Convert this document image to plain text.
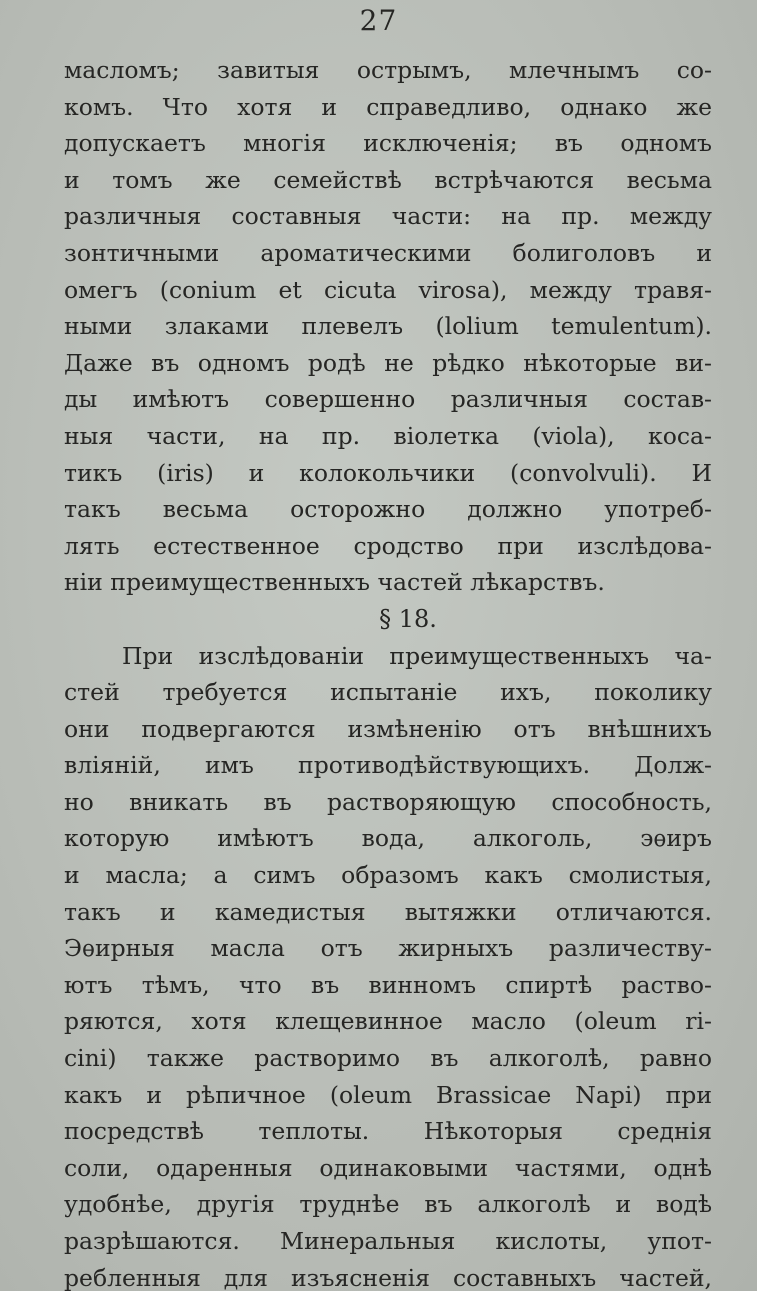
27
масломъ; завитыя острымъ, млечнымъ со-
комъ. Что хотя и справедливо, однако же
допускаетъ многія исключенія; въ одномъ
и томъ же семействѣ встрѣчаются весьма
различныя составныя части: на пр. между
зонтичными ароматическими болиголовъ и
омегъ (conium et cicuta virosa), между травя-
ными злаками плевелъ (lolium temulentum).
Даже въ одномъ родѣ не рѣдко нѣкоторые ви-
ды имѣютъ совершенно различныя состав-
ныя части, на пр. віолетка (viola), коса-
тикъ (iris) и колокольчики (convolvuli). И
такъ весьма осторожно должно употреб-
лять естественное сродство при изслѣдова-
ніи преимущественныхъ частей лѣкарствъ.
§ 18.
При изслѣдованіи преимущественныхъ ча-
стей требуется испытаніе ихъ, поколику
они подвергаются измѣненію отъ внѣшнихъ
вліяній, имъ противодѣйствующихъ. Долж-
но вникать въ растворяющую способность,
которую имѣютъ вода, алкоголь, эѳиръ
и масла; а симъ образомъ какъ смолистыя,
такъ и камедистыя вытяжки отличаются.
Эѳирныя масла отъ жирныхъ различеству-
ютъ тѣмъ, что въ винномъ спиртѣ раство-
ряются, хотя клещевинное масло (oleum ri-
cini) также растворимо въ алкоголѣ, равно
какъ и рѣпичное (oleum Brassicae Napi) при
посредствѣ теплоты. Нѣкоторыя среднія
соли, одаренныя одинаковыми частями, однѣ
удобнѣе, другія труднѣе въ алкоголѣ и водѣ
разрѣшаются. Минеральныя кислоты, упот-
ребленныя для изъясненія составныхъ частей,
